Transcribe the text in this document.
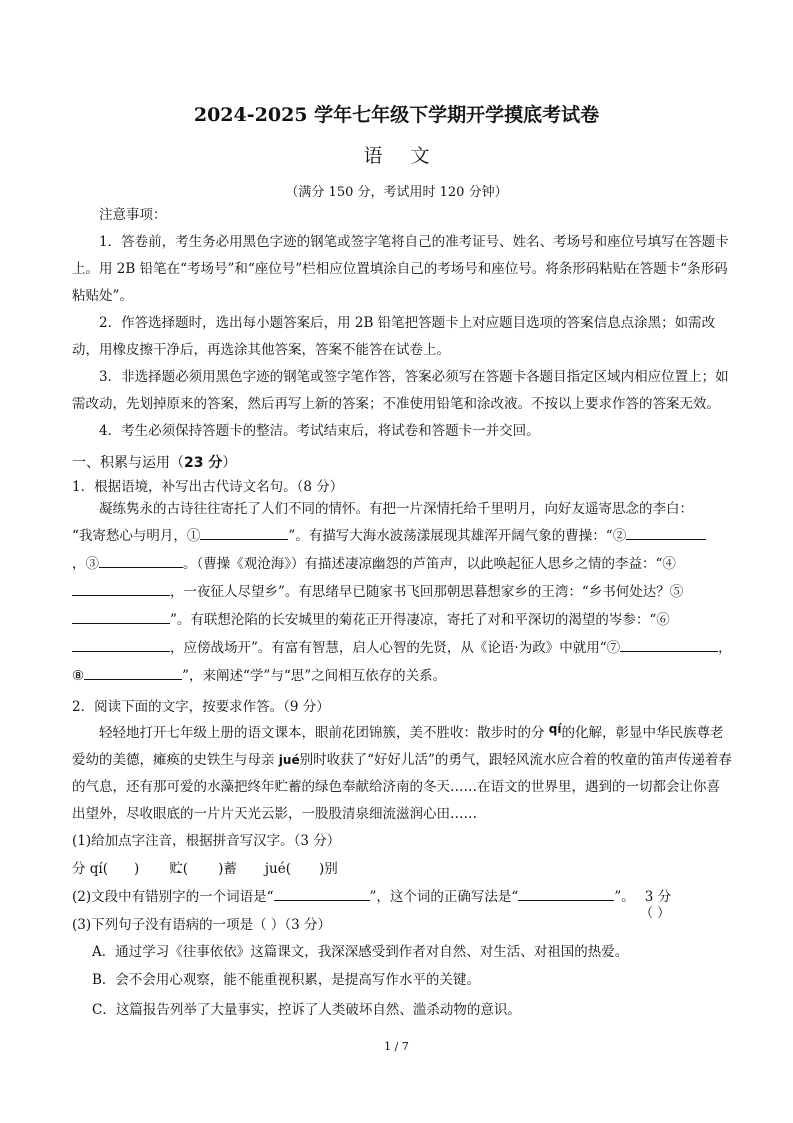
2024-2025 学年七年级下学期开学摸底考试卷
语文
（满分 150 分，考试用时 120 分钟）
注意事项：
1．答卷前，考生务必用黑色字迹的钢笔或签字笔将自己的准考证号、姓名、考场号和座位号填写在答题卡上。用 2B 铅笔在“考场号”和“座位号”栏相应位置填涂自己的考场号和座位号。将条形码粘贴在答题卡“条形码粘贴处”。
2．作答选择题时，选出每小题答案后，用 2B 铅笔把答题卡上对应题目选项的答案信息点涂黑；如需改动，用橡皮擦干净后，再选涂其他答案，答案不能答在试卷上。
3．非选择题必须用黑色字迹的钢笔或签字笔作答，答案必须写在答题卡各题目指定区域内相应位置上；如需改动，先划掉原来的答案，然后再写上新的答案；不准使用铅笔和涂改液。不按以上要求作答的答案无效。
4．考生必须保持答题卡的整洁。考试结束后，将试卷和答题卡一并交回。
一、积累与运用（23 分）
1．根据语境，补写出古代诗文名句。（8 分）
凝练隽永的古诗往往寄托了人们不同的情怀。有把一片深情托给千里明月，向好友遥寄思念的李白：
“我寄愁心与明月，①	”。有描写大海水波荡漾展现其雄浑开阔气象的曹操：“②
，③	。（曹操《观沧海》）有描述凄凉幽怨的芦笛声，以此唤起征人思乡之情的李益：“④
，一夜征人尽望乡”。有思绪早已随家书飞回那朝思暮想家乡的王湾：“乡书何处达？⑤
”。有联想沦陷的长安城里的菊花正开得凄凉，寄托了对和平深切的渴望的岑参：“⑥
，应傍战场开”。有富有智慧，启人心智的先贤，从《论语·为政》中就用“⑦	，
⑧	”，来阐述“学”与“思”之间相互依存的关系。
2．阅读下面的文字，按要求作答。（9 分）
轻轻地打开七年级上册的语文课本，眼前花团锦簇，美不胜收：散步时的分 qí的化解，彰显中华民族尊老爱幼的美德，瘫痪的史铁生与母亲 jué别时收获了“好好儿活”的勇气，跟轻风流水应合着的牧童的笛声传递着春的气息，还有那可爱的水藻把终年贮蓄的绿色奉献给济南的冬天……在语文的世界里，遇到的一切都会让你喜出望外，尽收眼底的一片片天光云影，一股股清泉细流滋润心田……
(1)给加点字注音，根据拼音写汉字。（3 分）
分 qí( ) 贮( • )蓄 jué( )别
(2)文段中有错别字的一个词语是“	”，这个词的正确写法是“	”。 3 分
（ ）
(3)下列句子没有语病的一项是（ ）（3 分）
A．通过学习《往事依依》这篇课文，我深深感受到作者对自然、对生活、对祖国的热爱。
B．会不会用心观察，能不能重视积累，是提高写作水平的关键。
C．这篇报告列举了大量事实，控诉了人类破坏自然、滥杀动物的意识。
1 / 7
